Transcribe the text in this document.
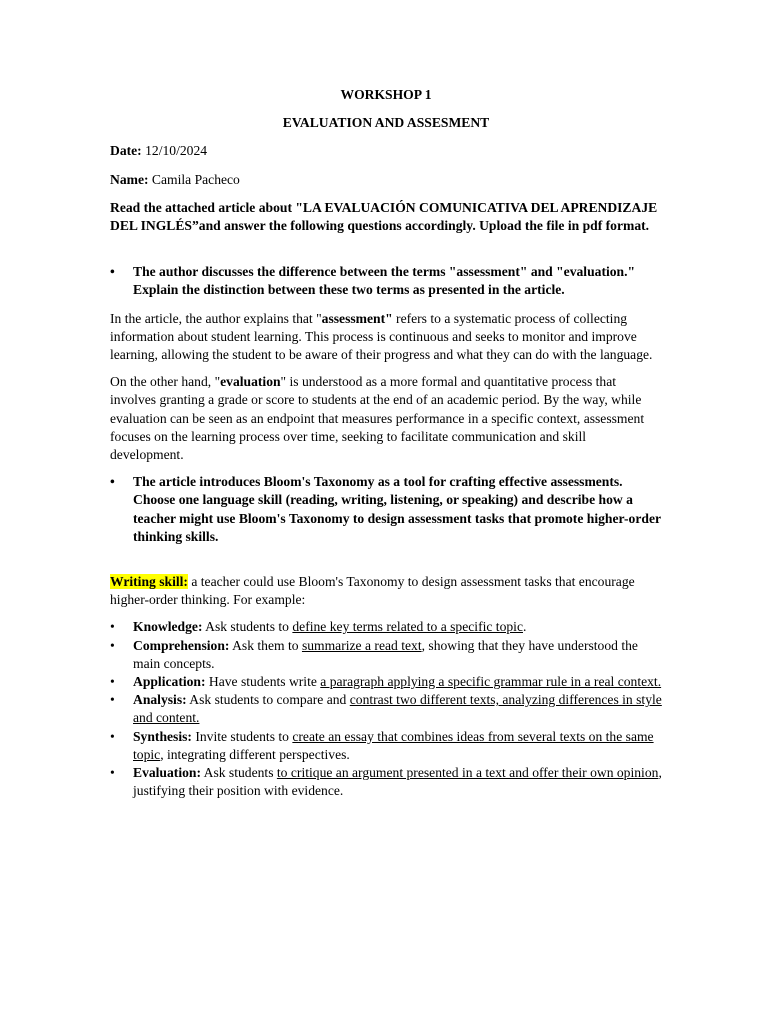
WORKSHOP 1

EVALUATION AND ASSESMENT

Date: 12/10/2024

Name: Camila Pacheco

Read the attached article about "LA EVALUACIÓN COMUNICATIVA DEL APRENDIZAJE DEL INGLÉS”and answer the following questions accordingly. Upload the file in pdf format.

•	The author discusses the difference between the terms "assessment" and "evaluation." Explain the distinction between these two terms as presented in the article.

In the article, the author explains that "assessment" refers to a systematic process of collecting information about student learning. This process is continuous and seeks to monitor and improve learning, allowing the student to be aware of their progress and what they can do with the language.

On the other hand, "evaluation" is understood as a more formal and quantitative process that involves granting a grade or score to students at the end of an academic period. By the way, while evaluation can be seen as an endpoint that measures performance in a specific context, assessment focuses on the learning process over time, seeking to facilitate communication and skill development.

•	The article introduces Bloom's Taxonomy as a tool for crafting effective assessments. Choose one language skill (reading, writing, listening, or speaking) and describe how a teacher might use Bloom's Taxonomy to design assessment tasks that promote higher-order thinking skills.

Writing skill: a teacher could use Bloom's Taxonomy to design assessment tasks that encourage higher-order thinking. For example:

•	Knowledge: Ask students to define key terms related to a specific topic.
•	Comprehension: Ask them to summarize a read text, showing that they have understood the main concepts.
•	Application: Have students write a paragraph applying a specific grammar rule in a real context.
•	Analysis: Ask students to compare and contrast two different texts, analyzing differences in style and content.
•	Synthesis: Invite students to create an essay that combines ideas from several texts on the same topic, integrating different perspectives.
•	Evaluation: Ask students to critique an argument presented in a text and offer their own opinion, justifying their position with evidence.
